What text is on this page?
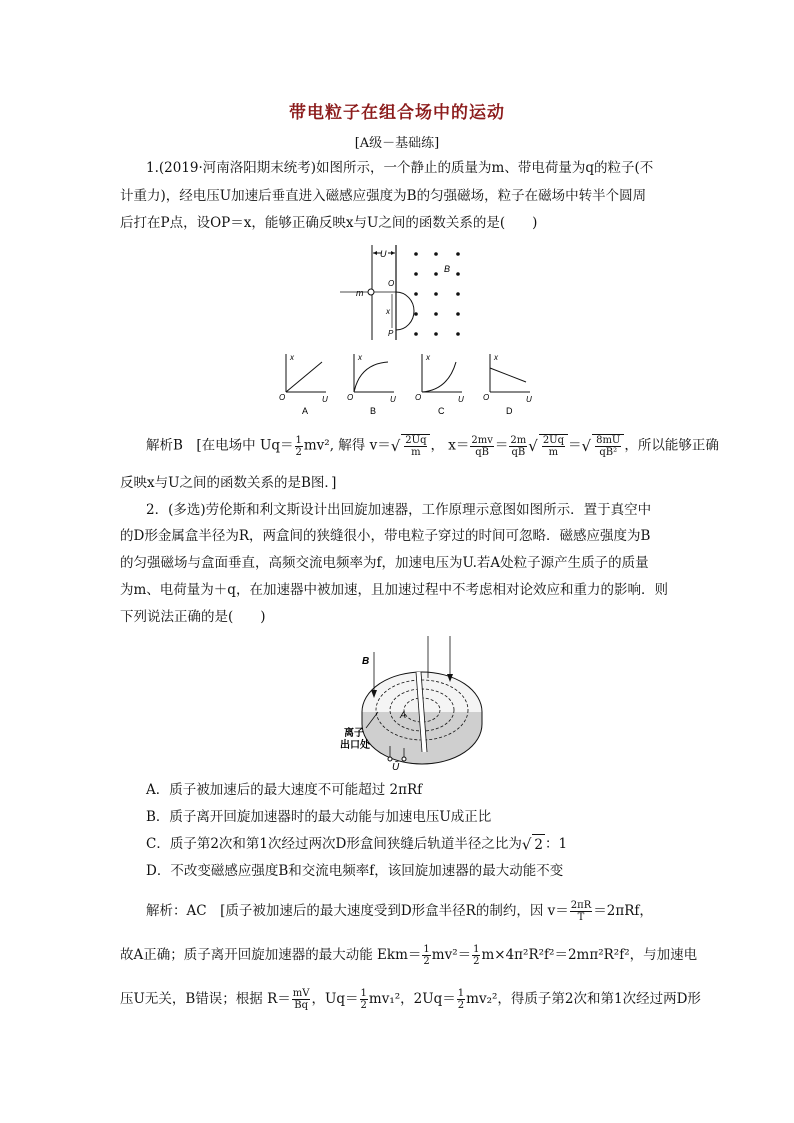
带电粒子在组合场中的运动
[A级－基础练]
1.(2019·河南洛阳期末统考)如图所示，一个静止的质量为m、带电荷量为q的粒子(不
计重力)，经电压U加速后垂直进入磁感应强度为B的匀强磁场，粒子在磁场中转半个圆周
后打在P点，设OP＝x，能够正确反映x与U之间的函数关系的是(　　)
U
m
O
x
P
B
x
O	U
A
x
O	U
B
x
O	U
C
x
O	U
D
解析B　[在电场中 $Uq= \frac{1}{2} mv^2$, 解得 $v=√ \frac{2Uq}{m}$ ， $x= \frac{2mv}{qB} = \frac{2m}{qB}$ √ $\frac{2Uq}{m}$ ＝√ $\frac{8mU}{\text{qB²}}$ ，所以能够正确
反映x与U之间的函数关系的是B图．]
2．(多选)劳伦斯和利文斯设计出回旋加速器，工作原理示意图如图所示．置于真空中
的D形金属盒半径为R，两盒间的狭缝很小，带电粒子穿过的时间可忽略．磁感应强度为B
的匀强磁场与盒面垂直，高频交流电频率为f，加速电压为U.若A处粒子源产生质子的质量
为m、电荷量为＋q，在加速器中被加速，且加速过程中不考虑相对论效应和重力的影响．则
下列说法正确的是(　　)
B
A
离子
出口处
Ũ
A．质子被加速后的最大速度不可能超过 2πRf
B．质子离开回旋加速器时的最大动能与加速电压U成正比
C．质子第2次和第1次经过两次D形盒间狭缝后轨道半径之比为√ 2 ：1
D．不改变磁感应强度B和交流电频率f，该回旋加速器的最大动能不变
解析：AC　[质子被加速后的最大速度受到D形盒半径R的制约，因 $v= \frac{2\pi R}{T} =2\pi Rf$，
故A正确；质子离开回旋加速器的最大动能 $Ekm= \frac{1}{2} mv^2= \frac{1}{2} m\times 4\pi^2R^2f^2=2m\pi^2R^2f^2$，与加速电
压U无关，B错误；根据 $R= \frac{mV}{Bq}$ ，$Uq= \frac{1}{2} mv_1^2$，$2Uq= \frac{1}{2} mv_2^2$，得质子第2次和第1次经过两D形
